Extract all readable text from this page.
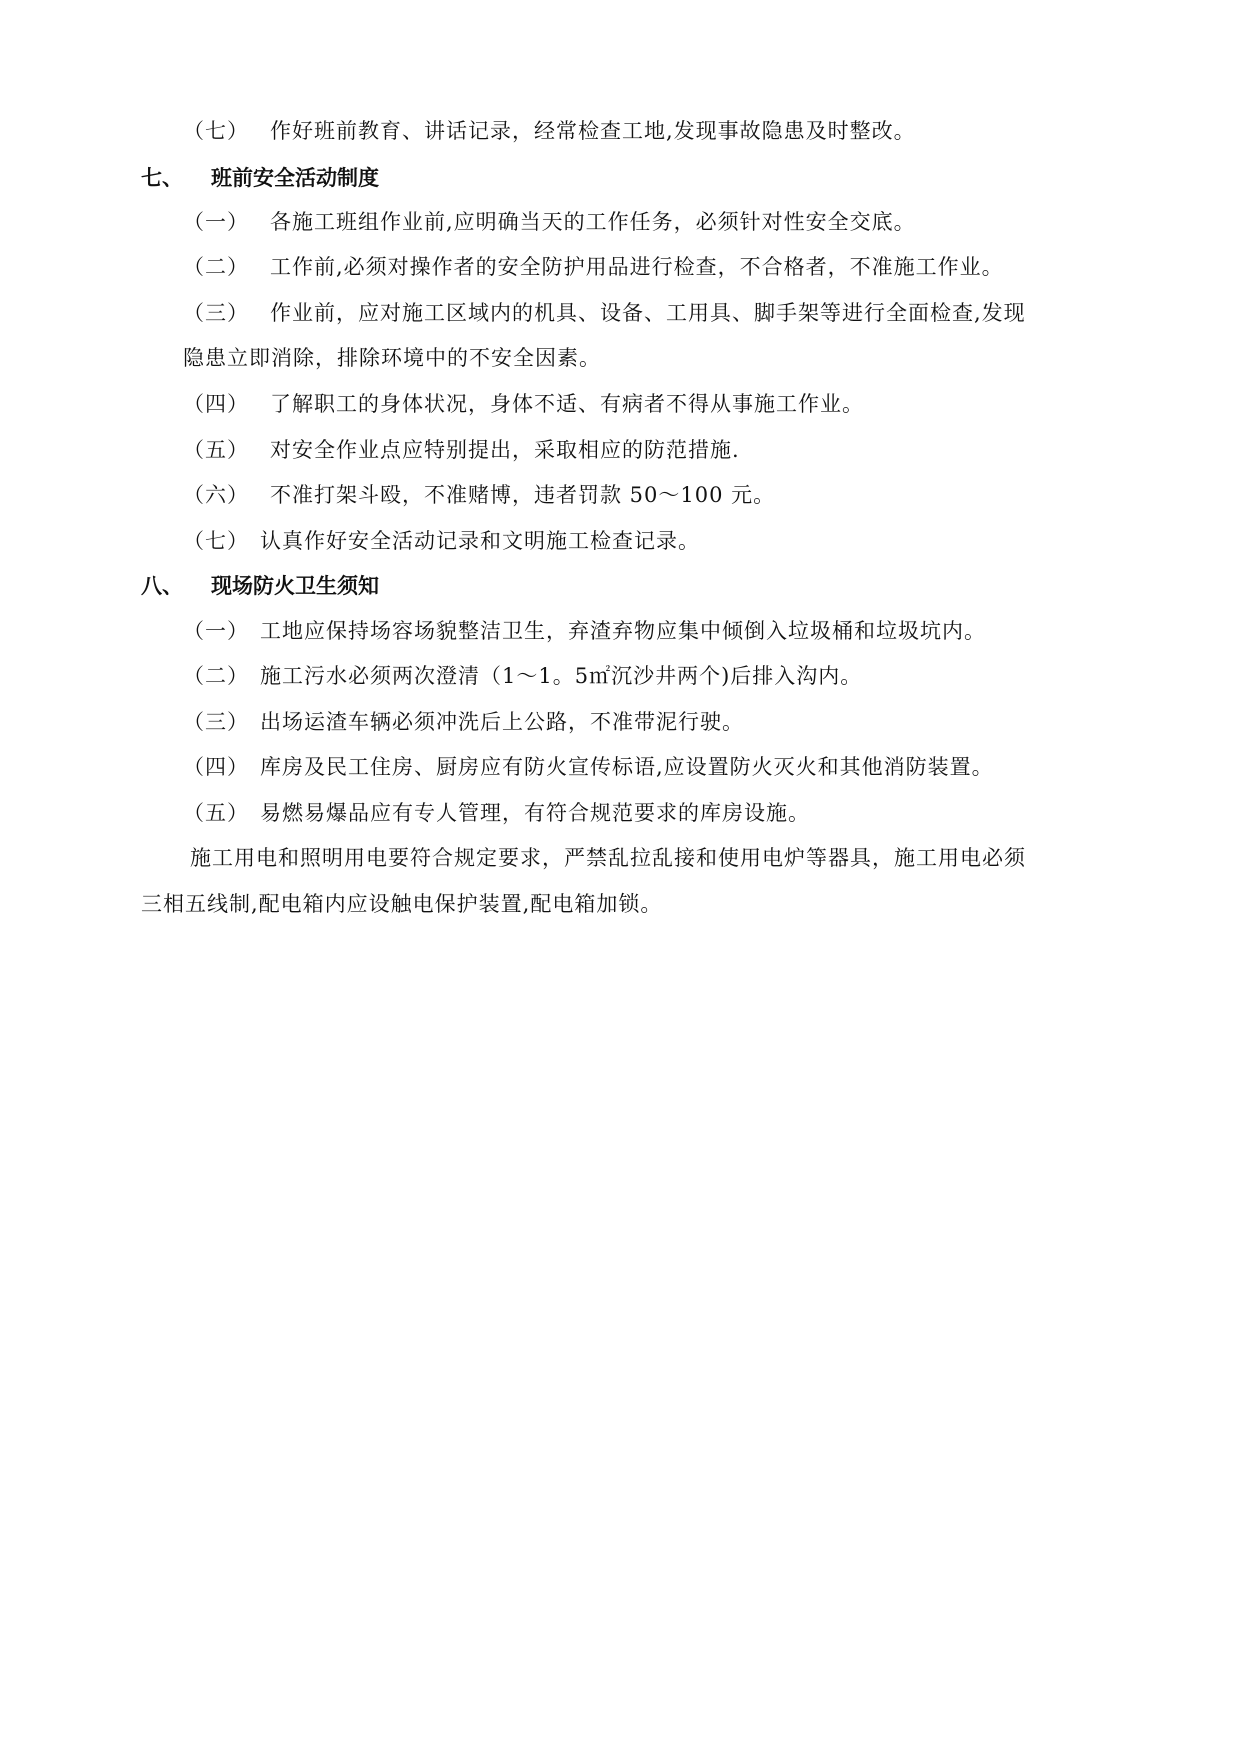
（七） 作好班前教育、讲话记录，经常检查工地,发现事故隐患及时整改。
七、 班前安全活动制度
（一） 各施工班组作业前,应明确当天的工作任务，必须针对性安全交底。
（二） 工作前,必须对操作者的安全防护用品进行检查，不合格者，不准施工作业。
（三） 作业前，应对施工区域内的机具、设备、工用具、脚手架等进行全面检查,发现
隐患立即消除，排除环境中的不安全因素。
（四） 了解职工的身体状况，身体不适、有病者不得从事施工作业。
（五） 对安全作业点应特别提出，采取相应的防范措施.
（六） 不准打架斗殴，不准赌博，违者罚款 50～100 元。
（七） 认真作好安全活动记录和文明施工检查记录。
八、 现场防火卫生须知
（一） 工地应保持场容场貌整洁卫生，弃渣弃物应集中倾倒入垃圾桶和垃圾坑内。
（二） 施工污水必须两次澄清（1～1。5㎡沉沙井两个)后排入沟内。
（三） 出场运渣车辆必须冲洗后上公路，不准带泥行驶。
（四） 库房及民工住房、厨房应有防火宣传标语,应设置防火灭火和其他消防装置。
（五） 易燃易爆品应有专人管理，有符合规范要求的库房设施。
施工用电和照明用电要符合规定要求，严禁乱拉乱接和使用电炉等器具，施工用电必须
三相五线制,配电箱内应设触电保护装置,配电箱加锁。
